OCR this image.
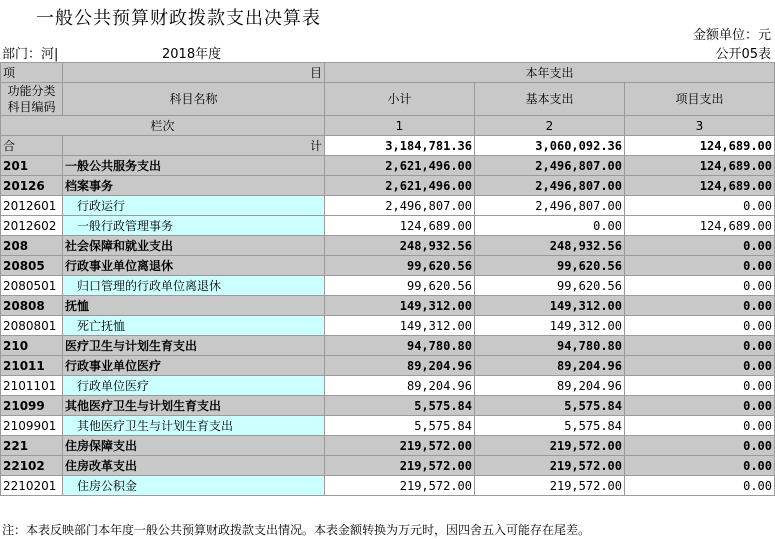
一般公共预算财政拨款支出决算表
金额单位：元
部门：河|	2018年度	公开05表
项	目	本年支出		
功能分类
科目编码	科目名称	小计	基本支出	项目支出
栏次		1	2	3
合	计	3,184,781.36	3,060,092.36	124,689.00
201	一般公共服务支出	2,621,496.00	2,496,807.00	124,689.00
20126	档案事务	2,621,496.00	2,496,807.00	124,689.00
2012601	行政运行	2,496,807.00	2,496,807.00	0.00
2012602	一般行政管理事务	124,689.00	0.00	124,689.00
208	社会保障和就业支出	248,932.56	248,932.56	0.00
20805	行政事业单位离退休	99,620.56	99,620.56	0.00
2080501	归口管理的行政单位离退休	99,620.56	99,620.56	0.00
20808	抚恤	149,312.00	149,312.00	0.00
2080801	死亡抚恤	149,312.00	149,312.00	0.00
210	医疗卫生与计划生育支出	94,780.80	94,780.80	0.00
21011	行政事业单位医疗	89,204.96	89,204.96	0.00
2101101	行政单位医疗	89,204.96	89,204.96	0.00
21099	其他医疗卫生与计划生育支出	5,575.84	5,575.84	0.00
2109901	其他医疗卫生与计划生育支出	5,575.84	5,575.84	0.00
221	住房保障支出	219,572.00	219,572.00	0.00
22102	住房改革支出	219,572.00	219,572.00	0.00
2210201	住房公积金	219,572.00	219,572.00	0.00
注：本表反映部门本年度一般公共预算财政拨款支出情况。本表金额转换为万元时，因四舍五入可能存在尾差。
